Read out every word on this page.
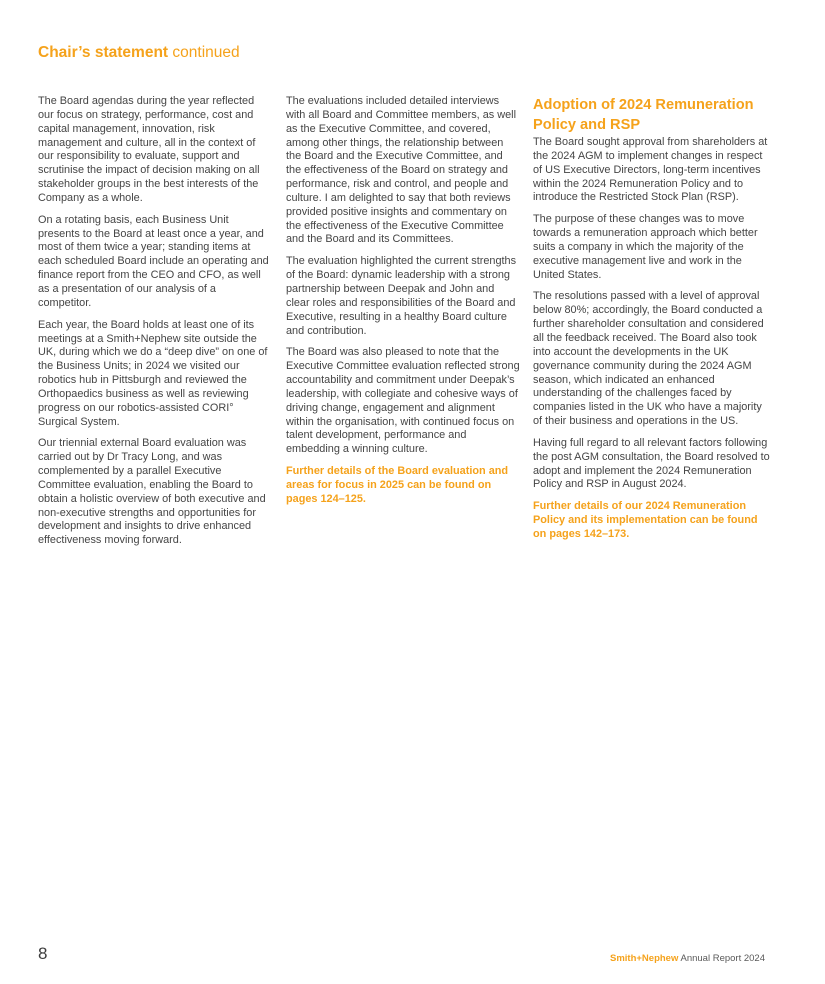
Chair’s statement continued

The Board agendas during the year reflected our focus on strategy, performance, cost and capital management, innovation, risk management and culture, all in the context of our responsibility to evaluate, support and scrutinise the impact of decision making on all stakeholder groups in the best interests of the Company as a whole.

On a rotating basis, each Business Unit presents to the Board at least once a year, and most of them twice a year; standing items at each scheduled Board include an operating and finance report from the CEO and CFO, as well as a presentation of our analysis of a competitor.

Each year, the Board holds at least one of its meetings at a Smith+Nephew site outside the UK, during which we do a “deep dive” on one of the Business Units; in 2024 we visited our robotics hub in Pittsburgh and reviewed the Orthopaedics business as well as reviewing progress on our robotics-assisted CORI° Surgical System.

Our triennial external Board evaluation was carried out by Dr Tracy Long, and was complemented by a parallel Executive Committee evaluation, enabling the Board to obtain a holistic overview of both executive and non-executive strengths and opportunities for development and insights to drive enhanced effectiveness moving forward.

The evaluations included detailed interviews with all Board and Committee members, as well as the Executive Committee, and covered, among other things, the relationship between the Board and the Executive Committee, and the effectiveness of the Board on strategy and performance, risk and control, and people and culture. I am delighted to say that both reviews provided positive insights and commentary on the effectiveness of the Executive Committee and the Board and its Committees.

The evaluation highlighted the current strengths of the Board: dynamic leadership with a strong partnership between Deepak and John and clear roles and responsibilities of the Board and Executive, resulting in a healthy Board culture and contribution.

The Board was also pleased to note that the Executive Committee evaluation reflected strong accountability and commitment under Deepak’s leadership, with collegiate and cohesive ways of driving change, engagement and alignment within the organisation, with continued focus on talent development, performance and embedding a winning culture.

Further details of the Board evaluation and areas for focus in 2025 can be found on pages 124–125.

Adoption of 2024 Remuneration Policy and RSP

The Board sought approval from shareholders at the 2024 AGM to implement changes in respect of US Executive Directors, long-term incentives within the 2024 Remuneration Policy and to introduce the Restricted Stock Plan (RSP).

The purpose of these changes was to move towards a remuneration approach which better suits a company in which the majority of the executive management live and work in the United States.

The resolutions passed with a level of approval below 80%; accordingly, the Board conducted a further shareholder consultation and considered all the feedback received. The Board also took into account the developments in the UK governance community during the 2024 AGM season, which indicated an enhanced understanding of the challenges faced by companies listed in the UK who have a majority of their business and operations in the US.

Having full regard to all relevant factors following the post AGM consultation, the Board resolved to adopt and implement the 2024 Remuneration Policy and RSP in August 2024.

Further details of our 2024 Remuneration Policy and its implementation can be found on pages 142–173.

8	Smith+Nephew Annual Report 2024
